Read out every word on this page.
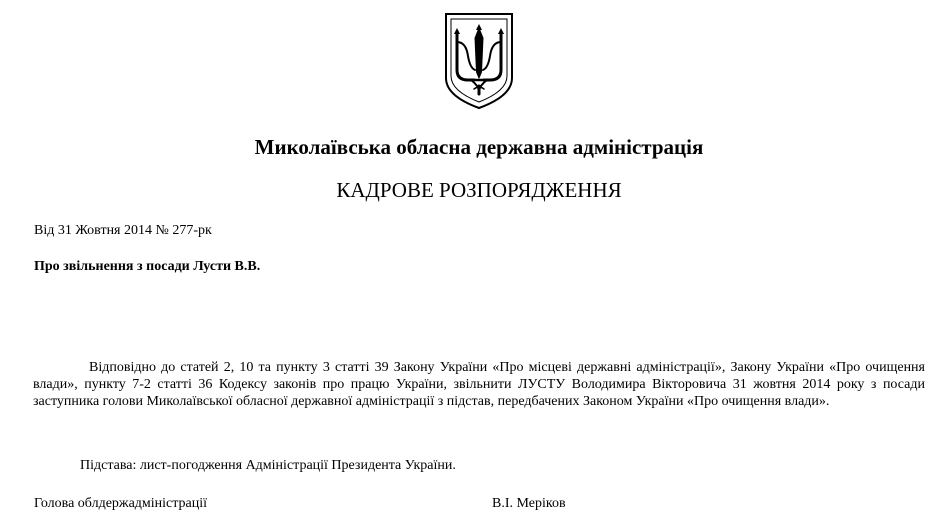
Миколаївська обласна державна адміністрація
КАДРОВЕ РОЗПОРЯДЖЕННЯ
Від 31 Жовтня 2014 № 277-рк
Про звільнення з посади Лусти В.В.

Відповідно до статей 2, 10 та пункту 3 статті 39 Закону України «Про місцеві державні адміністрації», Закону України «Про очищення влади», пункту 7-2 статті 36 Кодексу законів про працю України, звільнити ЛУСТУ Володимира Вікторовича 31 жовтня 2014 року з посади заступника голови Миколаївської обласної державної адміністрації з підстав, передбачених Законом України «Про очищення влади».

Підстава: лист-погодження Адміністрації Президента України.
Голова облдержадміністрації	В.І. Меріков
